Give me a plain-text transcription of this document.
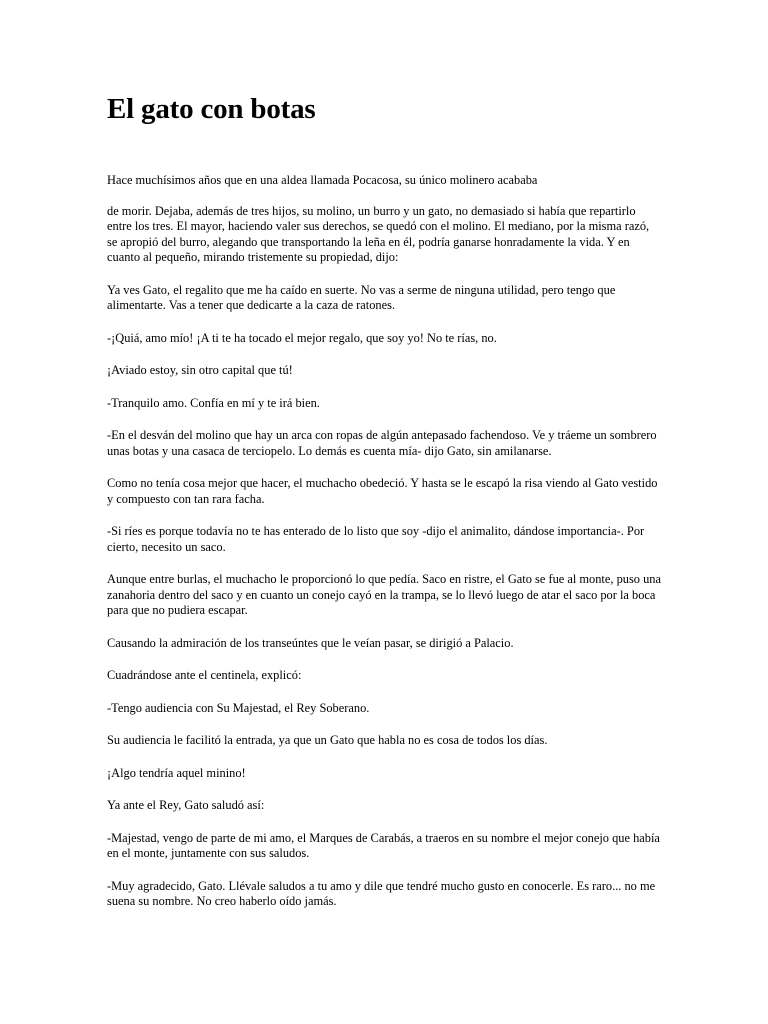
El gato con botas

Hace muchísimos años que en una aldea llamada Pocacosa, su único molinero acababa

de morir. Dejaba, además de tres hijos, su molino, un burro y un gato, no demasiado si había que repartirlo entre los tres. El mayor, haciendo valer sus derechos, se quedó con el molino. El mediano, por la misma razó, se apropió del burro, alegando que transportando la leña en él, podría ganarse honradamente la vida. Y en cuanto al pequeño, mirando tristemente su propiedad, dijo:

Ya ves Gato, el regalito que me ha caído en suerte. No vas a serme de ninguna utilidad, pero tengo que alimentarte. Vas a tener que dedicarte a la caza de ratones.

-¡Quiá, amo mío! ¡A ti te ha tocado el mejor regalo, que soy yo! No te rías, no.

¡Aviado estoy, sin otro capital que tú!

-Tranquilo amo. Confía en mí y te irá bien.

-En el desván del molino que hay un arca con ropas de algún antepasado fachendoso. Ve y tráeme un sombrero unas botas y una casaca de terciopelo. Lo demás es cuenta mía- dijo Gato, sin amilanarse.

Como no tenía cosa mejor que hacer, el muchacho obedeció. Y hasta se le escapó la risa viendo al Gato vestido y compuesto con tan rara facha.

-Si ríes es porque todavía no te has enterado de lo listo que soy -dijo el animalito, dándose importancia-. Por cierto, necesito un saco.

Aunque entre burlas, el muchacho le proporcionó lo que pedía. Saco en ristre, el Gato se fue al monte, puso una zanahoria dentro del saco y en cuanto un conejo cayó en la trampa, se lo llevó luego de atar el saco por la boca para que no pudiera escapar.

Causando la admiración de los transeúntes que le veían pasar, se dirigió a Palacio.

Cuadrándose ante el centinela, explicó:

-Tengo audiencia con Su Majestad, el Rey Soberano.

Su audiencia le facilitó la entrada, ya que un Gato que habla no es cosa de todos los días.

¡Algo tendría aquel minino!

Ya ante el Rey, Gato saludó así:

-Majestad, vengo de parte de mi amo, el Marques de Carabás, a traeros en su nombre el mejor conejo que había en el monte, juntamente con sus saludos.

-Muy agradecido, Gato. Llévale saludos a tu amo y dile que tendré mucho gusto en conocerle. Es raro... no me suena su nombre. No creo haberlo oído jamás.
